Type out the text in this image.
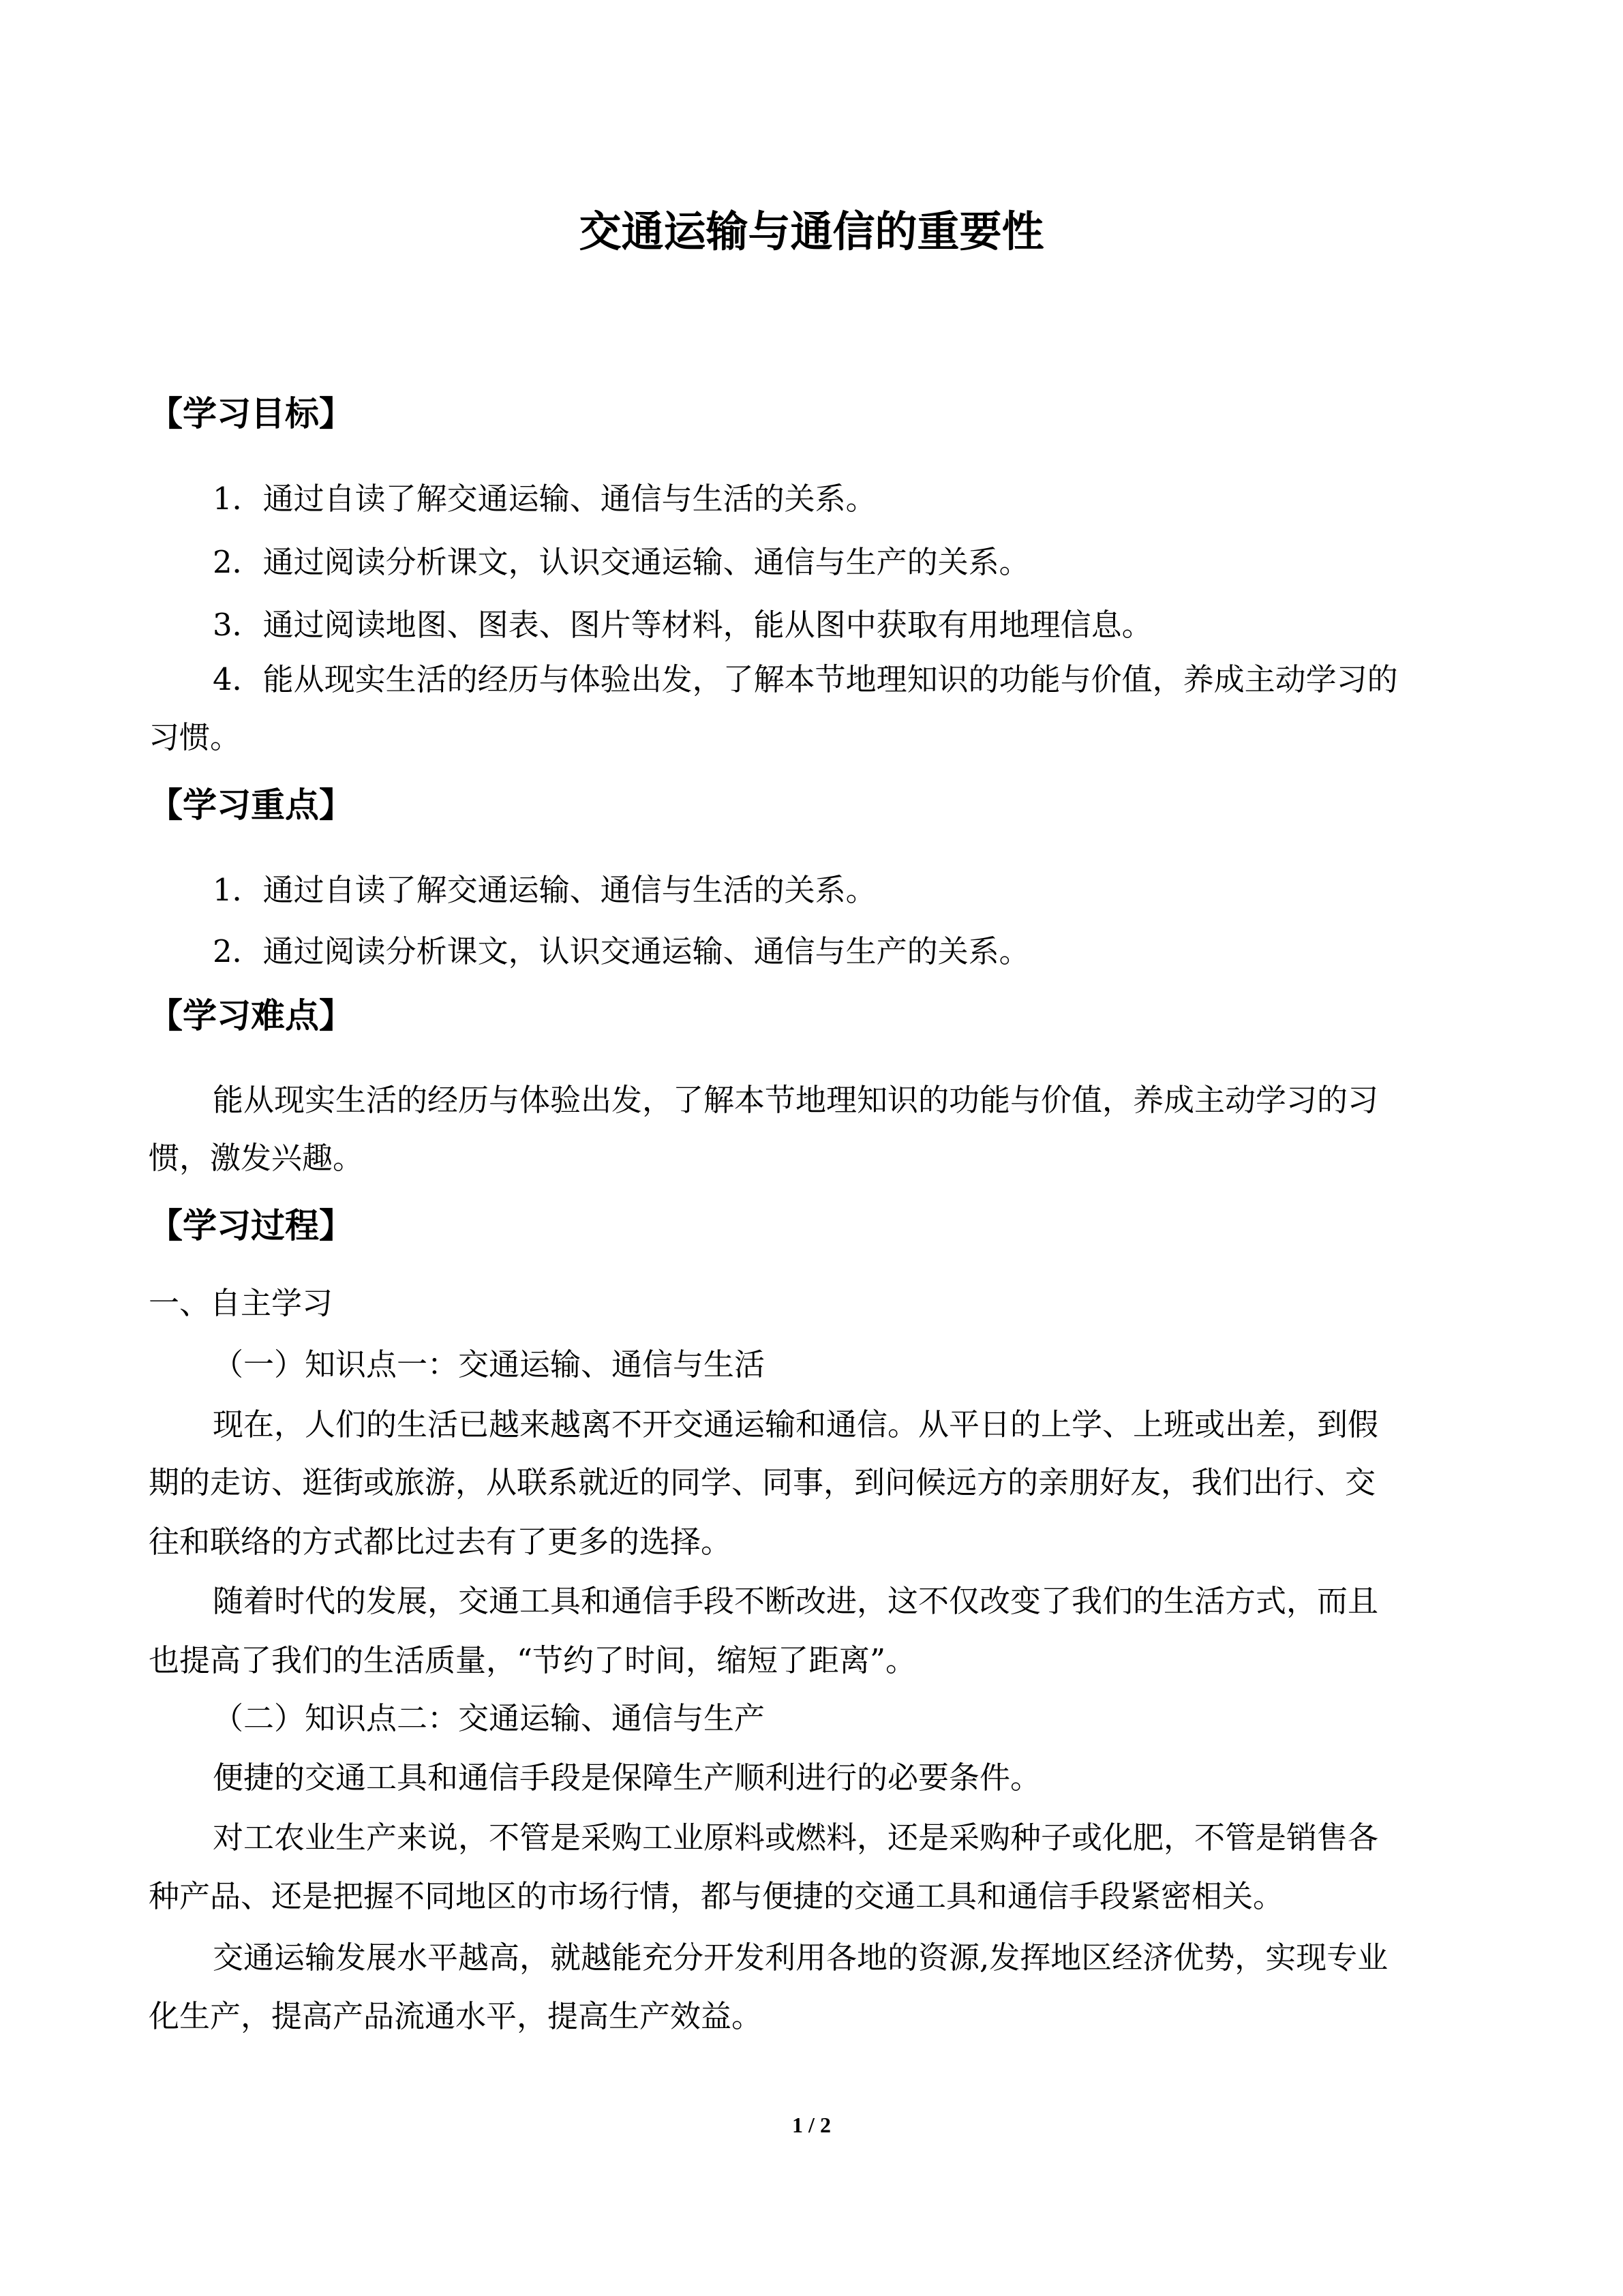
交通运输与通信的重要性
【学习目标】
1．通过自读了解交通运输、通信与生活的关系。
2．通过阅读分析课文，认识交通运输、通信与生产的关系。
3．通过阅读地图、图表、图片等材料，能从图中获取有用地理信息。
4．能从现实生活的经历与体验出发，了解本节地理知识的功能与价值，养成主动学习的
习惯。
【学习重点】
1．通过自读了解交通运输、通信与生活的关系。
2．通过阅读分析课文，认识交通运输、通信与生产的关系。
【学习难点】
能从现实生活的经历与体验出发，了解本节地理知识的功能与价值，养成主动学习的习
惯，激发兴趣。
【学习过程】
一、自主学习
（一）知识点一：交通运输、通信与生活
现在，人们的生活已越来越离不开交通运输和通信。从平日的上学、上班或出差，到假
期的走访、逛街或旅游，从联系就近的同学、同事，到问候远方的亲朋好友，我们出行、交
往和联络的方式都比过去有了更多的选择。
随着时代的发展，交通工具和通信手段不断改进，这不仅改变了我们的生活方式，而且
也提高了我们的生活质量，“节约了时间，缩短了距离”。
（二）知识点二：交通运输、通信与生产
便捷的交通工具和通信手段是保障生产顺利进行的必要条件。
对工农业生产来说，不管是采购工业原料或燃料，还是采购种子或化肥，不管是销售各
种产品、还是把握不同地区的市场行情，都与便捷的交通工具和通信手段紧密相关。
交通运输发展水平越高，就越能充分开发利用各地的资源,发挥地区经济优势，实现专业
化生产，提高产品流通水平，提高生产效益。
1 / 2
